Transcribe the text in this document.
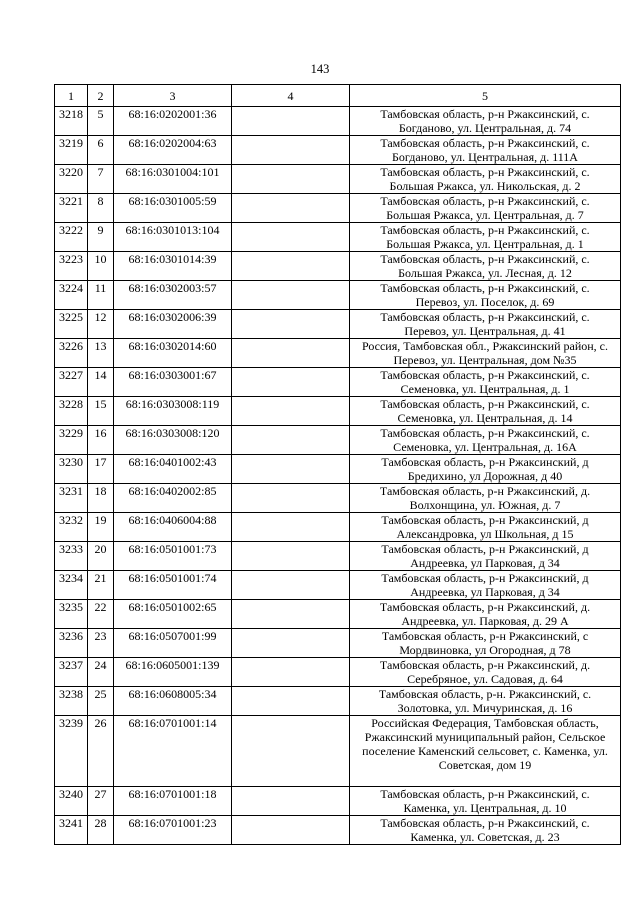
143
1	2	3	4	5
3218	5	68:16:0202001:36		Тамбовская область, р-н Ржаксинский, с.
Богданово, ул. Центральная, д. 74
3219	6	68:16:0202004:63		Тамбовская область, р-н Ржаксинский, с.
Богданово, ул. Центральная, д. 111А
3220	7	68:16:0301004:101		Тамбовская область, р-н Ржаксинский, с.
Большая Ржакса, ул. Никольская, д. 2
3221	8	68:16:0301005:59		Тамбовская область, р-н Ржаксинский, с.
Большая Ржакса, ул. Центральная, д. 7
3222	9	68:16:0301013:104		Тамбовская область, р-н Ржаксинский, с.
Большая Ржакса, ул. Центральная, д. 1
3223	10	68:16:0301014:39		Тамбовская область, р-н Ржаксинский, с.
Большая Ржакса, ул. Лесная, д. 12
3224	11	68:16:0302003:57		Тамбовская область, р-н Ржаксинский, с.
Перевоз, ул. Поселок, д. 69
3225	12	68:16:0302006:39		Тамбовская область, р-н Ржаксинский, с.
Перевоз, ул. Центральная, д. 41
3226	13	68:16:0302014:60		Россия, Тамбовская обл., Ржаксинский район, с.
Перевоз, ул. Центральная, дом №35
3227	14	68:16:0303001:67		Тамбовская область, р-н Ржаксинский, с.
Семеновка, ул. Центральная, д. 1
3228	15	68:16:0303008:119		Тамбовская область, р-н Ржаксинский, с.
Семеновка, ул. Центральная, д. 14
3229	16	68:16:0303008:120		Тамбовская область, р-н Ржаксинский, с.
Семеновка, ул. Центральная, д. 16А
3230	17	68:16:0401002:43		Тамбовская область, р-н Ржаксинский, д
Бредихино, ул Дорожная, д 40
3231	18	68:16:0402002:85		Тамбовская область, р-н Ржаксинский, д.
Волхонщина, ул. Южная, д. 7
3232	19	68:16:0406004:88		Тамбовская область, р-н Ржаксинский, д
Александровка, ул Школьная, д 15
3233	20	68:16:0501001:73		Тамбовская область, р-н Ржаксинский, д
Андреевка, ул Парковая, д 34
3234	21	68:16:0501001:74		Тамбовская область, р-н Ржаксинский, д
Андреевка, ул Парковая, д 34
3235	22	68:16:0501002:65		Тамбовская область, р-н Ржаксинский, д.
Андреевка, ул. Парковая, д. 29 А
3236	23	68:16:0507001:99		Тамбовская область, р-н Ржаксинский, с
Мордвиновка, ул Огородная, д 78
3237	24	68:16:0605001:139		Тамбовская область, р-н Ржаксинский, д.
Серебряное, ул. Садовая, д. 64
3238	25	68:16:0608005:34		Тамбовская область, р-н. Ржаксинский, с.
Золотовка, ул. Мичуринская, д. 16
3239	26	68:16:0701001:14		Российская Федерация, Тамбовская область,
Ржаксинский муниципальный район, Сельское
поселение Каменский сельсовет, с. Каменка, ул.
Советская, дом 19
3240	27	68:16:0701001:18		Тамбовская область, р-н Ржаксинский, с.
Каменка, ул. Центральная, д. 10
3241	28	68:16:0701001:23		Тамбовская область, р-н Ржаксинский, с.
Каменка, ул. Советская, д. 23
